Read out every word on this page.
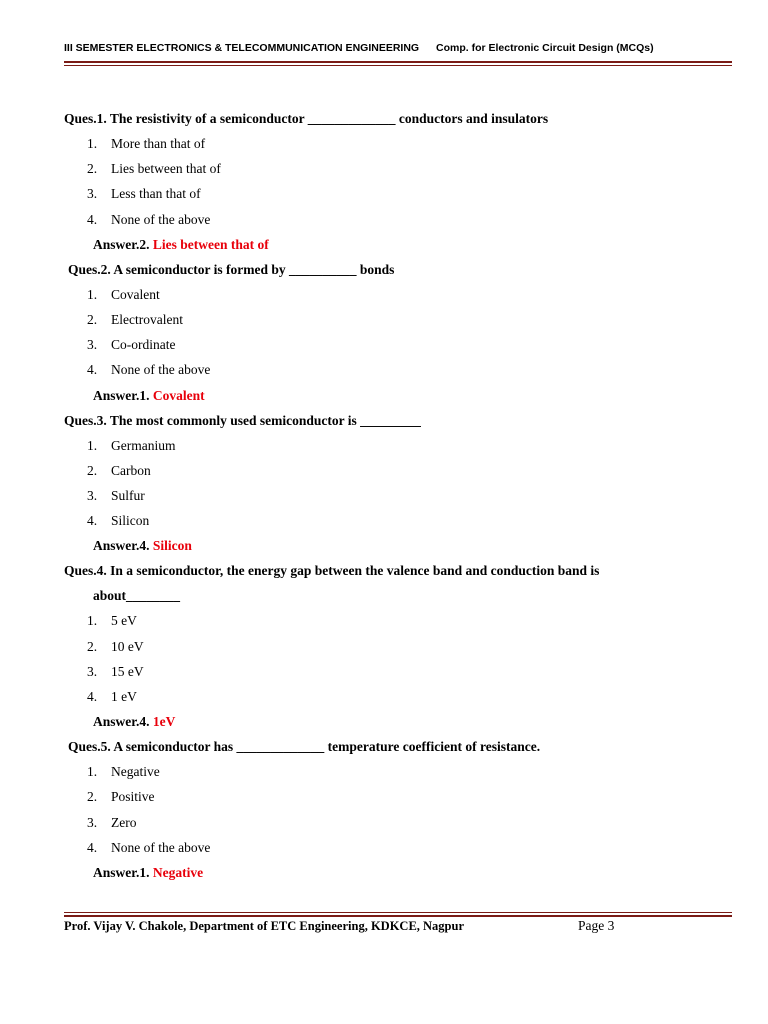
III SEMESTER ELECTRONICS & TELECOMMUNICATION ENGINEERING Comp. for Electronic Circuit Design (MCQs)

Ques.1. The resistivity of a semiconductor _____________ conductors and insulators

1.	More than that of
2.	Lies between that of
3.	Less than that of
4.	None of the above
Answer.2. Lies between that of

Ques.2. A semiconductor is formed by __________ bonds

1.	Covalent
2.	Electrovalent
3.	Co-ordinate
4.	None of the above
Answer.1. Covalent

Ques.3. The most commonly used semiconductor is _________

1.	Germanium
2.	Carbon
3.	Sulfur
4.	Silicon
Answer.4. Silicon

Ques.4. In a semiconductor, the energy gap between the valence band and conduction band is
about________

1.	5 eV
2.	10 eV
3.	15 eV
4.	1 eV
Answer.4. 1eV

Ques.5. A semiconductor has _____________ temperature coefficient of resistance.

1.	Negative
2.	Positive
3.	Zero
4.	None of the above
Answer.1. Negative
Prof. Vijay V. Chakole, Department of ETC Engineering, KDKCE, Nagpur	Page 3
